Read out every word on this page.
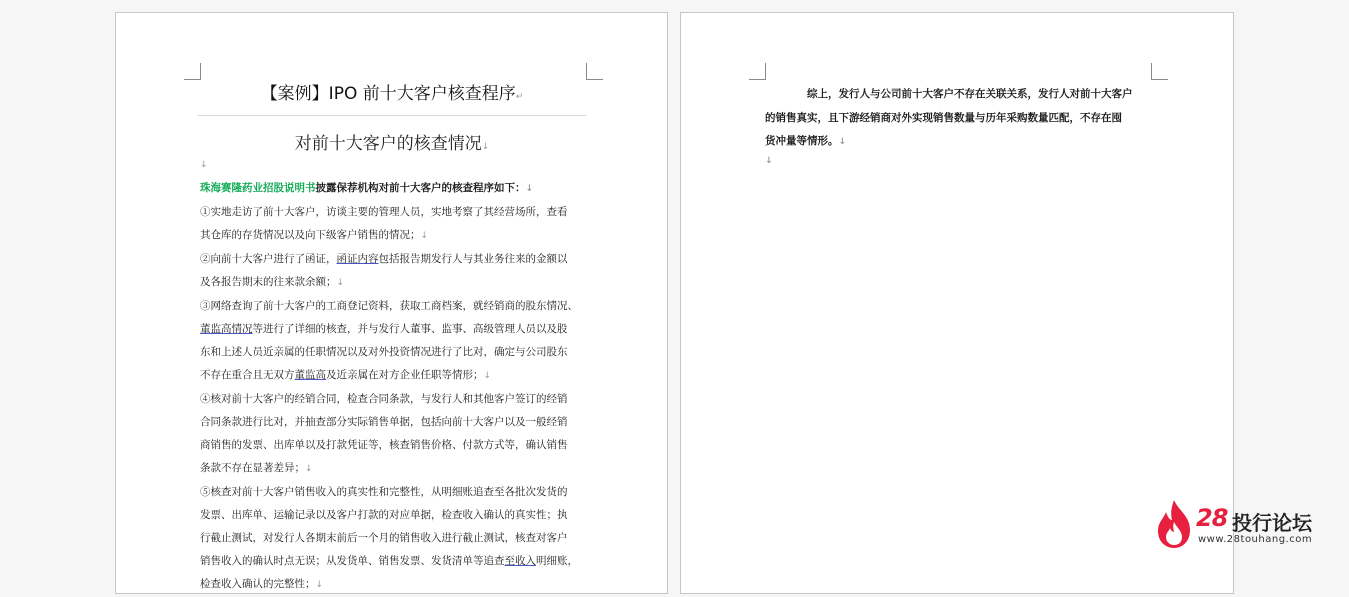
【案例】IPO 前十大客户核查程序↵
对前十大客户的核查情况↓

↓

珠海赛隆药业招股说明书披露保荐机构对前十大客户的核查程序如下：↓

①实地走访了前十大客户，访谈主要的管理人员，实地考察了其经营场所，查看

其仓库的存货情况以及向下级客户销售的情况；↓

②向前十大客户进行了函证，函证内容包括报告期发行人与其业务往来的金额以

及各报告期末的往来款余额；↓

③网络查询了前十大客户的工商登记资料，获取工商档案，就经销商的股东情况、

董监高情况等进行了详细的核查，并与发行人董事、监事、高级管理人员以及股

东和上述人员近亲属的任职情况以及对外投资情况进行了比对，确定与公司股东

不存在重合且无双方董监高及近亲属在对方企业任职等情形；↓

④核对前十大客户的经销合同，检查合同条款，与发行人和其他客户签订的经销

合同条款进行比对，并抽查部分实际销售单据，包括向前十大客户以及一般经销

商销售的发票、出库单以及打款凭证等，核查销售价格、付款方式等，确认销售

条款不存在显著差异；↓

⑤核查对前十大客户销售收入的真实性和完整性，从明细账追查至各批次发货的

发票、出库单、运输记录以及客户打款的对应单据，检查收入确认的真实性；执

行截止测试，对发行人各期末前后一个月的销售收入进行截止测试，核查对客户

销售收入的确认时点无误；从发货单、销售发票、发货清单等追查至收入明细账，

检查收入确认的完整性；↓

综上，发行人与公司前十大客户不存在关联关系，发行人对前十大客户

的销售真实，且下游经销商对外实现销售数量与历年采购数量匹配，不存在囤

货冲量等情形。↓

↓

28 投行论坛
www.28touhang.com
